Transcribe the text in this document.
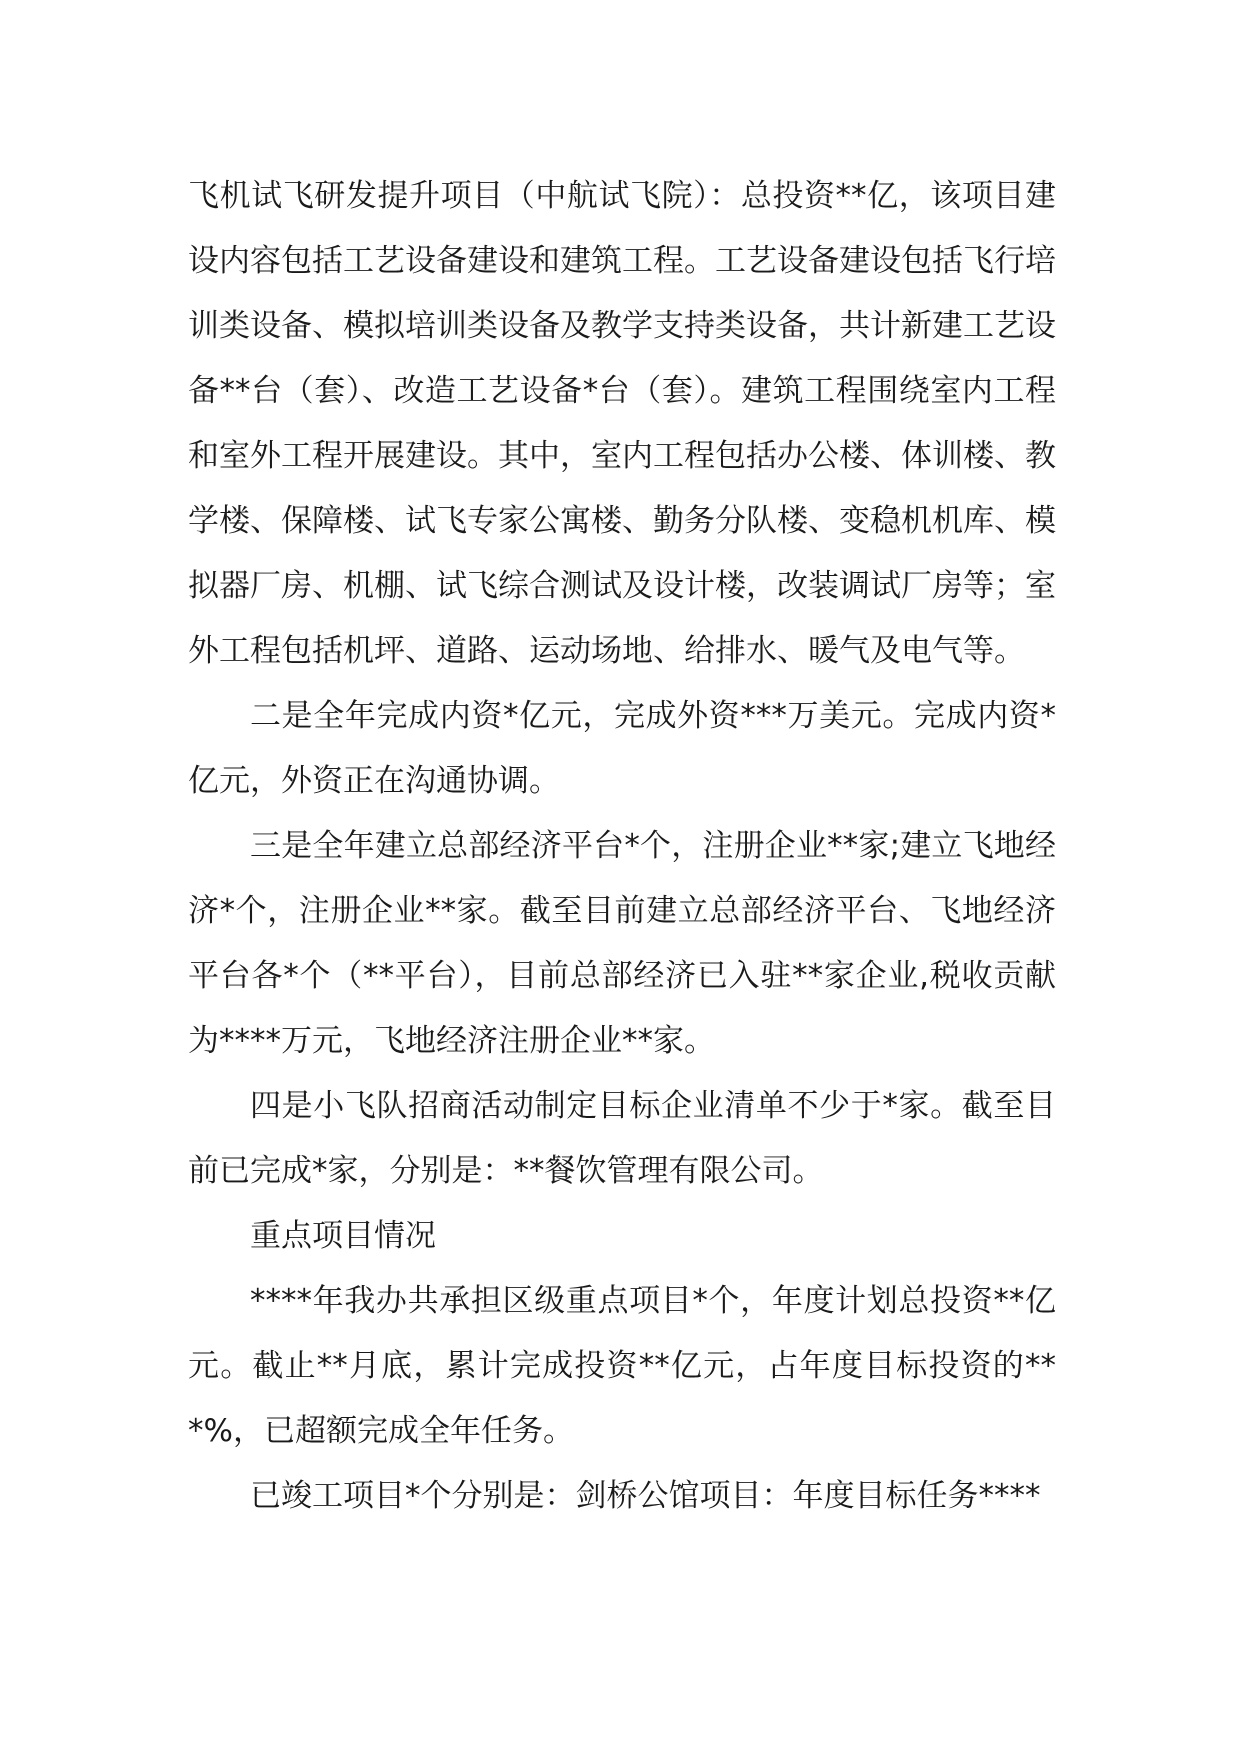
飞机试飞研发提升项目（中航试飞院）：总投资**亿，该项目建设内容包括工艺设备建设和建筑工程。工艺设备建设包括飞行培训类设备、模拟培训类设备及教学支持类设备，共计新建工艺设备**台（套）、改造工艺设备*台（套）。建筑工程围绕室内工程和室外工程开展建设。其中，室内工程包括办公楼、体训楼、教学楼、保障楼、试飞专家公寓楼、勤务分队楼、变稳机机库、模拟器厂房、机棚、试飞综合测试及设计楼，改装调试厂房等；室外工程包括机坪、道路、运动场地、给排水、暖气及电气等。

二是全年完成内资*亿元，完成外资***万美元。完成内资*亿元，外资正在沟通协调。

三是全年建立总部经济平台*个，注册企业**家;建立飞地经济*个，注册企业**家。截至目前建立总部经济平台、飞地经济平台各*个（**平台），目前总部经济已入驻**家企业,税收贡献为****万元，飞地经济注册企业**家。

四是小飞队招商活动制定目标企业清单不少于*家。截至目前已完成*家，分别是：**餐饮管理有限公司。

重点项目情况

****年我办共承担区级重点项目*个，年度计划总投资**亿元。截止**月底，累计完成投资**亿元，占年度目标投资的***%，已超额完成全年任务。

已竣工项目*个分别是：剑桥公馆项目：年度目标任务****
